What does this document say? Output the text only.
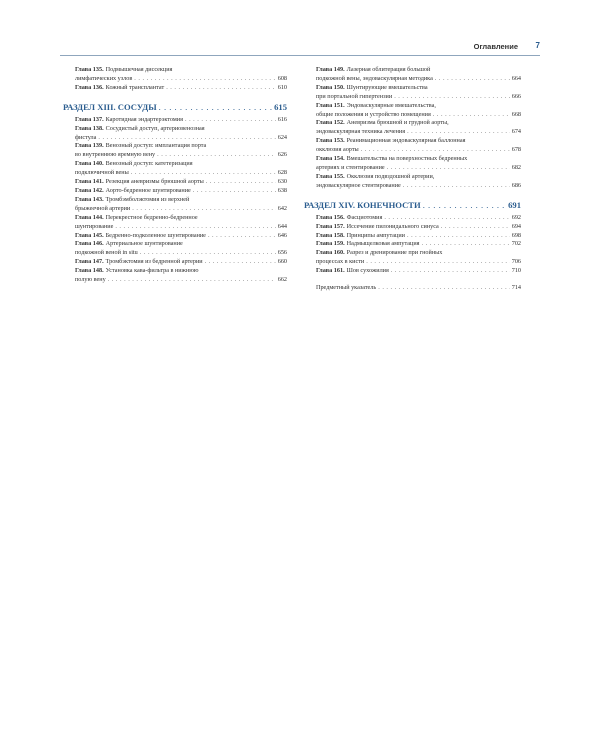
Оглавление 7
Глава 135. Подмышечная диссекция
лимфатических узлов . . .	608
Глава 136. Кожный трансплантат . . .	610
РАЗДЕЛ XIII. СОСУДЫ . . .	615
Глава 137. Каротидная эндартерэктомия . . .	616
Глава 138. Сосудистый доступ, артериовенозная
фистула . . .	624
Глава 139. Венозный доступ: имплантация порта
во внутреннюю яремную вену . . .	626
Глава 140. Венозный доступ: катетеризация
подключичной вены . . .	628
Глава 141. Резекция аневризмы брюшной аорты . . .	630
Глава 142. Аорто-бедренное шунтирование . . .	638
Глава 143. Тромбэмболэктомия из верхней
брыжеечной артерии . . .	642
Глава 144. Перекрестное бедренно-бедренное
шунтирование . . .	644
Глава 145. Бедренно-подколенное шунтирование . . .	646
Глава 146. Артериальное шунтирование
подкожной веной in situ . . .	656
Глава 147. Тромбэктомия из бедренной артерии . . .	660
Глава 148. Установка кава-фильтра в нижнюю
полую вену . . .	662
Глава 149. Лазерная облитерация большой
подкожной вены, эндоваскулярная методика . . .	664
Глава 150. Шунтирующие вмешательства
при портальной гипертензии . . .	666
Глава 151. Эндоваскулярные вмешательства,
общие положения и устройство помещения . . .	668
Глава 152. Аневризма брюшной и грудной аорты,
эндоваскулярная техника лечения . . .	674
Глава 153. Реанимационная эндоваскулярная баллонная
окклюзия аорты . . .	678
Глава 154. Вмешательства на поверхностных бедренных
артериях и стентирование . . .	682
Глава 155. Окклюзия подвздошной артерии,
эндоваскулярное стентирование . . .	686
РАЗДЕЛ XIV. КОНЕЧНОСТИ . . .	691
Глава 156. Фасциотомия . . .	692
Глава 157. Иссечение пилонидального синуса . . .	694
Глава 158. Принципы ампутации . . .	698
Глава 159. Надмыщелковая ампутация . . .	702
Глава 160. Разрез и дренирование при гнойных
процессах в кисти . . .	706
Глава 161. Шов сухожилия . . .	710
Предметный указатель . . .	714
